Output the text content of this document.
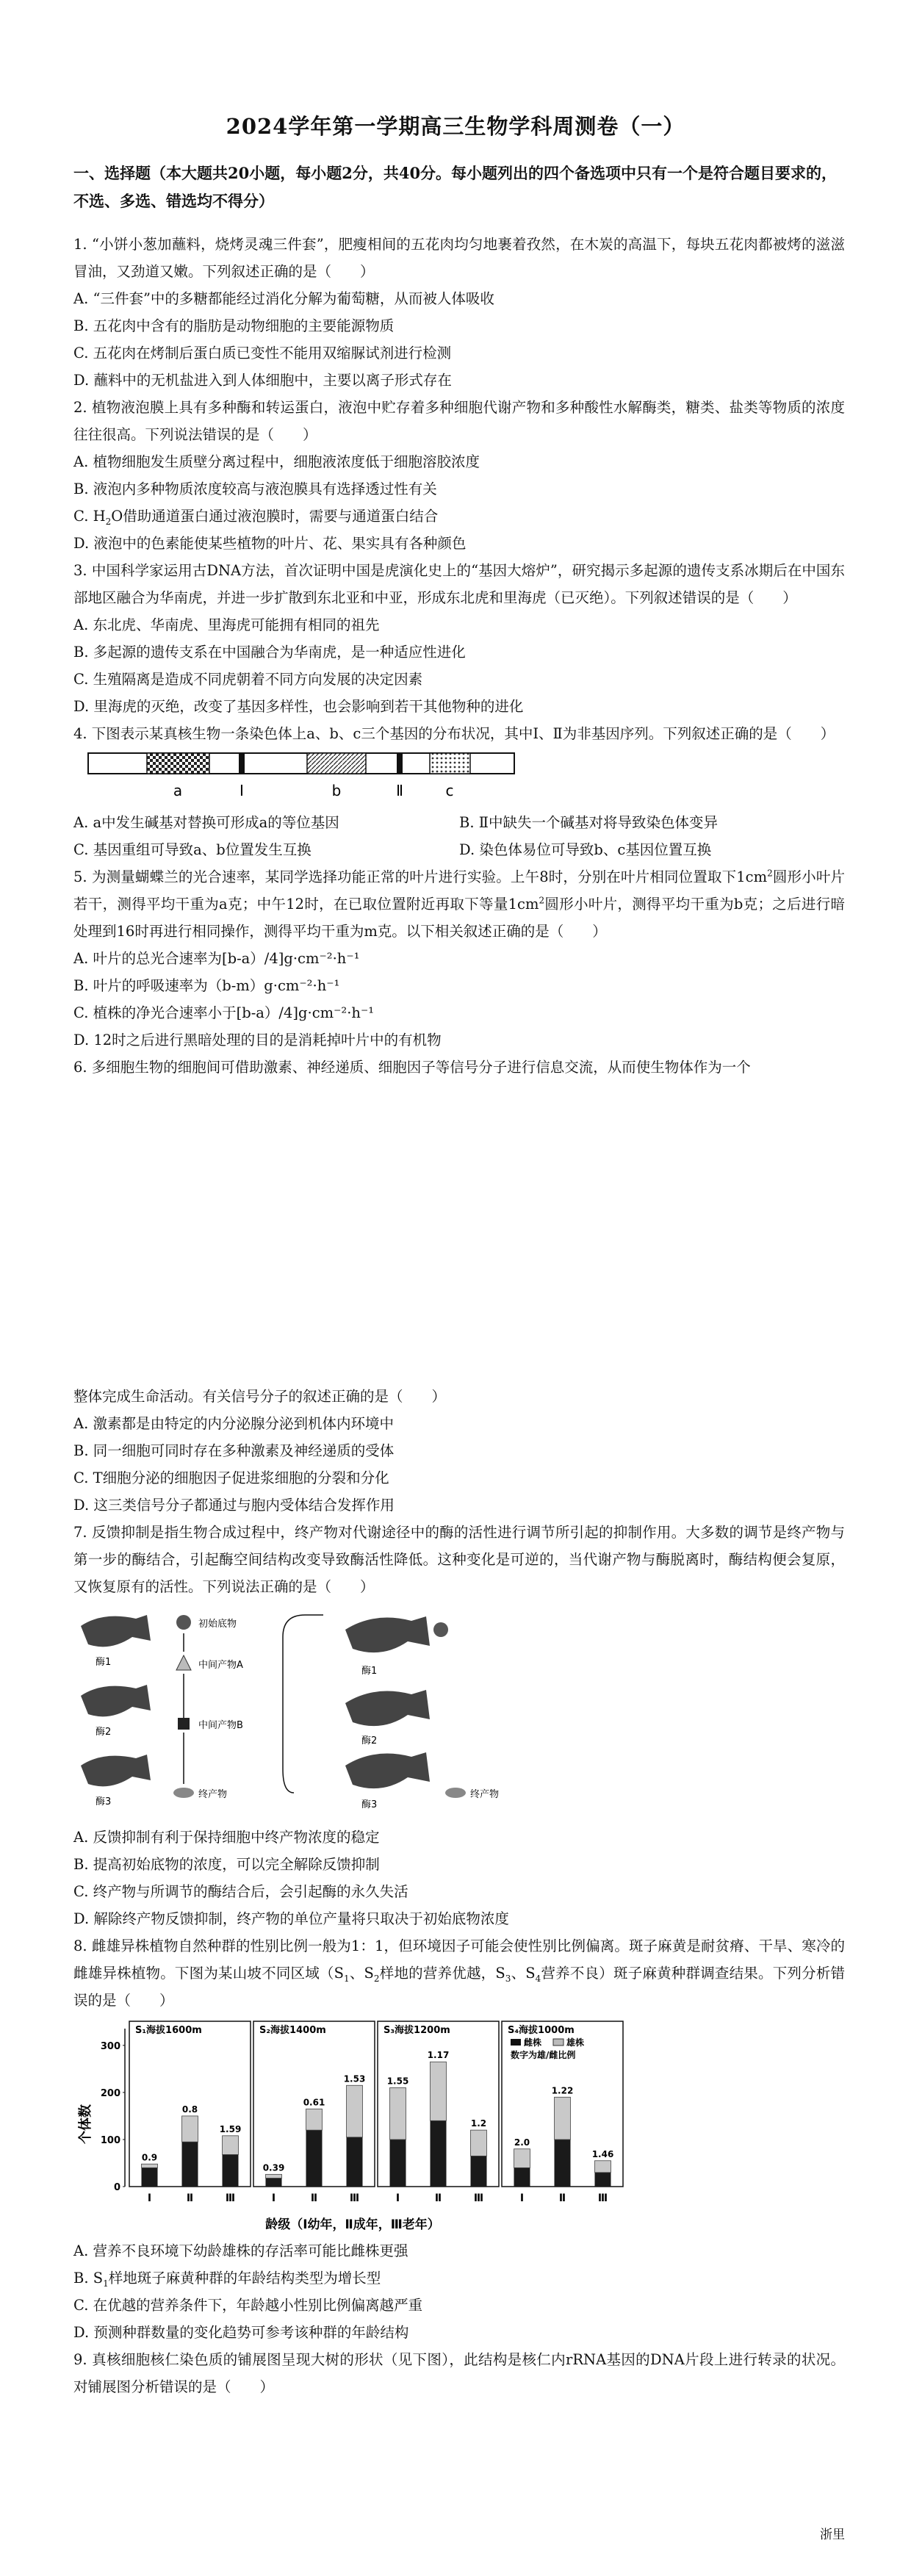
2024学年第一学期高三生物学科周测卷（一）

一、选择题（本大题共20小题，每小题2分，共40分。每小题列出的四个备选项中只有一个是符合题目要求的，不选、多选、错选均不得分）

1. “小饼小葱加蘸料，烧烤灵魂三件套”，肥瘦相间的五花肉均匀地裹着孜然，在木炭的高温下，每块五花肉都被烤的滋滋冒油，又劲道又嫩。下列叙述正确的是（　　）

A. “三件套”中的多糖都能经过消化分解为葡萄糖，从而被人体吸收

B. 五花肉中含有的脂肪是动物细胞的主要能源物质

C. 五花肉在烤制后蛋白质已变性不能用双缩脲试剂进行检测

D. 蘸料中的无机盐进入到人体细胞中，主要以离子形式存在

2. 植物液泡膜上具有多种酶和转运蛋白，液泡中贮存着多种细胞代谢产物和多种酸性水解酶类，糖类、盐类等物质的浓度往往很高。下列说法错误的是（　　）

A. 植物细胞发生质壁分离过程中，细胞液浓度低于细胞溶胶浓度

B. 液泡内多种物质浓度较高与液泡膜具有选择透过性有关

C. $H_2O$借助通道蛋白通过液泡膜时，需要与通道蛋白结合

D. 液泡中的色素能使某些植物的叶片、花、果实具有各种颜色

3. 中国科学家运用古DNA方法，首次证明中国是虎演化史上的“基因大熔炉”，研究揭示多起源的遗传支系冰期后在中国东部地区融合为华南虎，并进一步扩散到东北亚和中亚，形成东北虎和里海虎（已灭绝）。下列叙述错误的是（　　）

A. 东北虎、华南虎、里海虎可能拥有相同的祖先

B. 多起源的遗传支系在中国融合为华南虎，是一种适应性进化

C. 生殖隔离是造成不同虎朝着不同方向发展的决定因素

D. 里海虎的灭绝，改变了基因多样性，也会影响到若干其他物种的进化

4. 下图表示某真核生物一条染色体上a、b、c三个基因的分布状况，其中Ⅰ、Ⅱ为非基因序列。下列叙述正确的是（　　）

a	Ⅰ	b	Ⅱ	c
A. a中发生碱基对替换可形成a的等位基因	B. Ⅱ中缺失一个碱基对将导致染色体变异
C. 基因重组可导致a、b位置发生互换	D. 染色体易位可导致b、c基因位置互换

5. 为测量蝴蝶兰的光合速率，某同学选择功能正常的叶片进行实验。上午8时，分别在叶片相同位置取下$1cm^2$圆形小叶片若干，测得平均干重为a克；中午12时，在已取位置附近再取下等量$1cm^2$圆形小叶片，测得平均干重为b克；之后进行暗处理到16时再进行相同操作，测得平均干重为m克。以下相关叙述正确的是（　　）

A. 叶片的总光合速率为[b-a）/4]g·cm⁻²·h⁻¹

B. 叶片的呼吸速率为（b-m）g·cm⁻²·h⁻¹

C. 植株的净光合速率小于[b-a）/4]g·cm⁻²·h⁻¹

D. 12时之后进行黑暗处理的目的是消耗掉叶片中的有机物

6. 多细胞生物的细胞间可借助激素、神经递质、细胞因子等信号分子进行信息交流，从而使生物体作为一个

整体完成生命活动。有关信号分子的叙述正确的是（　　）

A. 激素都是由特定的内分泌腺分泌到机体内环境中

B. 同一细胞可同时存在多种激素及神经递质的受体

C. T细胞分泌的细胞因子促进浆细胞的分裂和分化

D. 这三类信号分子都通过与胞内受体结合发挥作用

7. 反馈抑制是指生物合成过程中，终产物对代谢途径中的酶的活性进行调节所引起的抑制作用。大多数的调节是终产物与第一步的酶结合，引起酶空间结构改变导致酶活性降低。这种变化是可逆的，当代谢产物与酶脱离时，酶结构便会复原，又恢复原有的活性。下列说法正确的是（　　）

初始底物
中间产物A
酶1
酶2
中间产物B
酶3
终产物
酶1
酶2
酶3
终产物

A. 反馈抑制有利于保持细胞中终产物浓度的稳定

B. 提高初始底物的浓度，可以完全解除反馈抑制

C. 终产物与所调节的酶结合后，会引起酶的永久失活

D. 解除终产物反馈抑制，终产物的单位产量将只取决于初始底物浓度

8. 雌雄异株植物自然种群的性别比例一般为1：1，但环境因子可能会使性别比例偏离。斑子麻黄是耐贫瘠、干旱、寒冷的雌雄异株植物。下图为某山坡不同区域（$S_1$、$S_2$样地的营养优越，$S_3$、$S_4$营养不良）斑子麻黄种群调查结果。下列分析错误的是（　　）

个体数
0
100
200
300
S₁海拔1600m
0.9
Ⅰ
0.8
Ⅱ
1.59
Ⅲ
S₂海拔1400m
0.39
Ⅰ
0.61
Ⅱ
1.53
Ⅲ
S₃海拔1200m
1.55
Ⅰ
1.17
Ⅱ
1.2
Ⅲ
S₄海拔1000m
雌株	雄株
数字为雄/雌比例
2.0
Ⅰ
1.22
Ⅱ
1.46
Ⅲ
龄级（Ⅰ幼年，Ⅱ成年，Ⅲ老年）

A. 营养不良环境下幼龄雄株的存活率可能比雌株更强

B. $S_1$样地斑子麻黄种群的年龄结构类型为增长型

C. 在优越的营养条件下，年龄越小性别比例偏离越严重

D. 预测种群数量的变化趋势可参考该种群的年龄结构

9. 真核细胞核仁染色质的铺展图呈现大树的形状（见下图），此结构是核仁内rRNA基因的DNA片段上进行转录的状况。对铺展图分析错误的是（　　）

浙里
